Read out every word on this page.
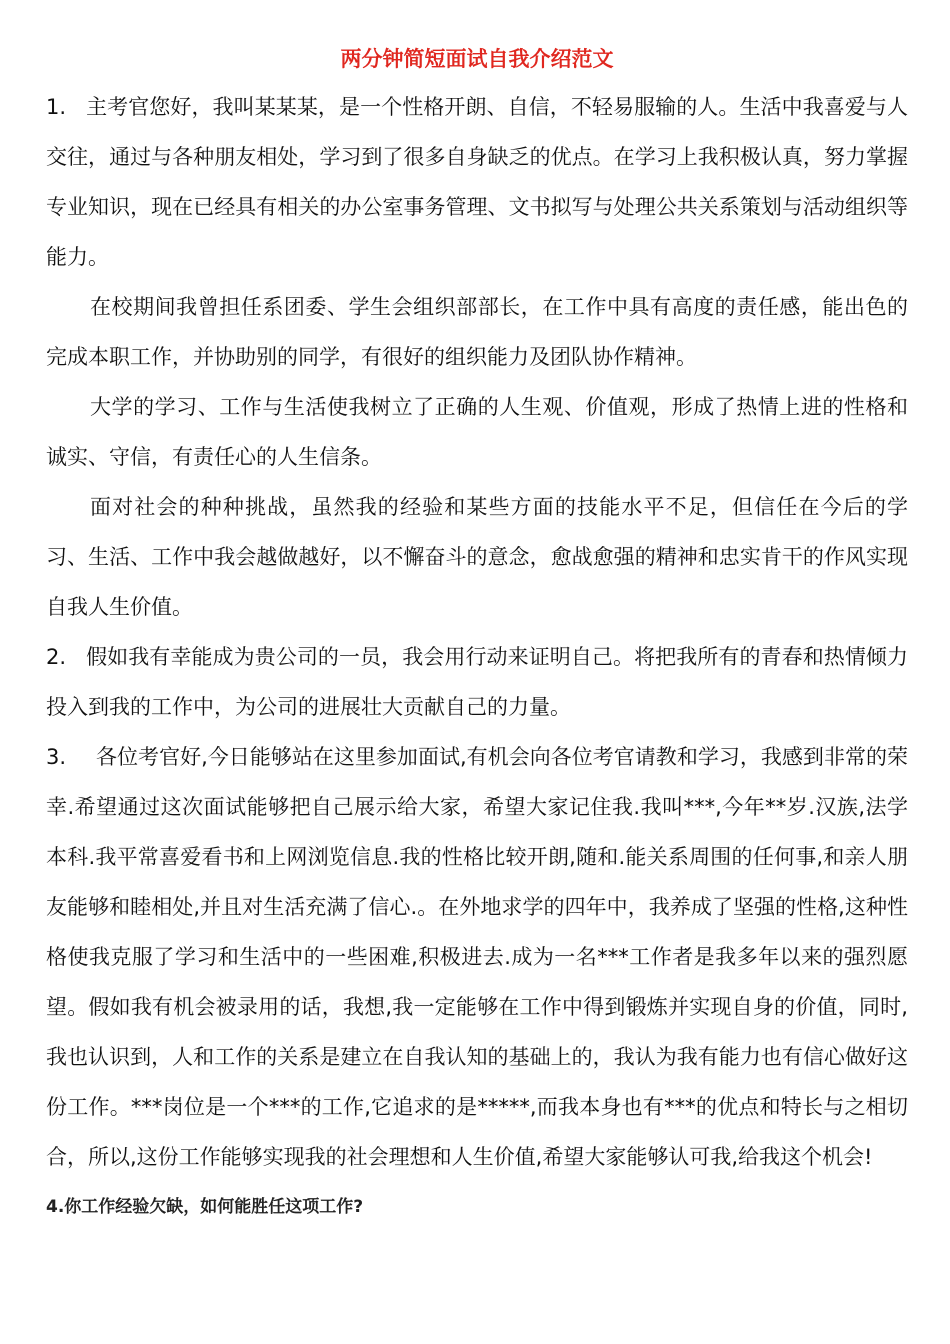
两分钟简短面试自我介绍范文

1. 主考官您好，我叫某某某，是一个性格开朗、自信，不轻易服输的人。生活中我喜爱与人交往，通过与各种朋友相处，学习到了很多自身缺乏的优点。在学习上我积极认真，努力掌握专业知识，现在已经具有相关的办公室事务管理、文书拟写与处理公共关系策划与活动组织等能力。

在校期间我曾担任系团委、学生会组织部部长，在工作中具有高度的责任感，能出色的完成本职工作，并协助别的同学，有很好的组织能力及团队协作精神。

大学的学习、工作与生活使我树立了正确的人生观、价值观，形成了热情上进的性格和诚实、守信，有责任心的人生信条。

面对社会的种种挑战，虽然我的经验和某些方面的技能水平不足，但信任在今后的学习、生活、工作中我会越做越好，以不懈奋斗的意念，愈战愈强的精神和忠实肯干的作风实现自我人生价值。

2. 假如我有幸能成为贵公司的一员，我会用行动来证明自己。将把我所有的青春和热情倾力投入到我的工作中，为公司的进展壮大贡献自己的力量。

3. 各位考官好,今日能够站在这里参加面试,有机会向各位考官请教和学习，我感到非常的荣幸.希望通过这次面试能够把自己展示给大家，希望大家记住我.我叫***,今年**岁.汉族,法学本科.我平常喜爱看书和上网浏览信息.我的性格比较开朗,随和.能关系周围的任何事,和亲人朋友能够和睦相处,并且对生活充满了信心.。在外地求学的四年中，我养成了坚强的性格,这种性格使我克服了学习和生活中的一些困难,积极进去.成为一名***工作者是我多年以来的强烈愿望。假如我有机会被录用的话，我想,我一定能够在工作中得到锻炼并实现自身的价值，同时,我也认识到，人和工作的关系是建立在自我认知的基础上的，我认为我有能力也有信心做好这份工作。***岗位是一个***的工作,它追求的是*****,而我本身也有***的优点和特长与之相切合，所以,这份工作能够实现我的社会理想和人生价值,希望大家能够认可我,给我这个机会!

4.你工作经验欠缺，如何能胜任这项工作?
